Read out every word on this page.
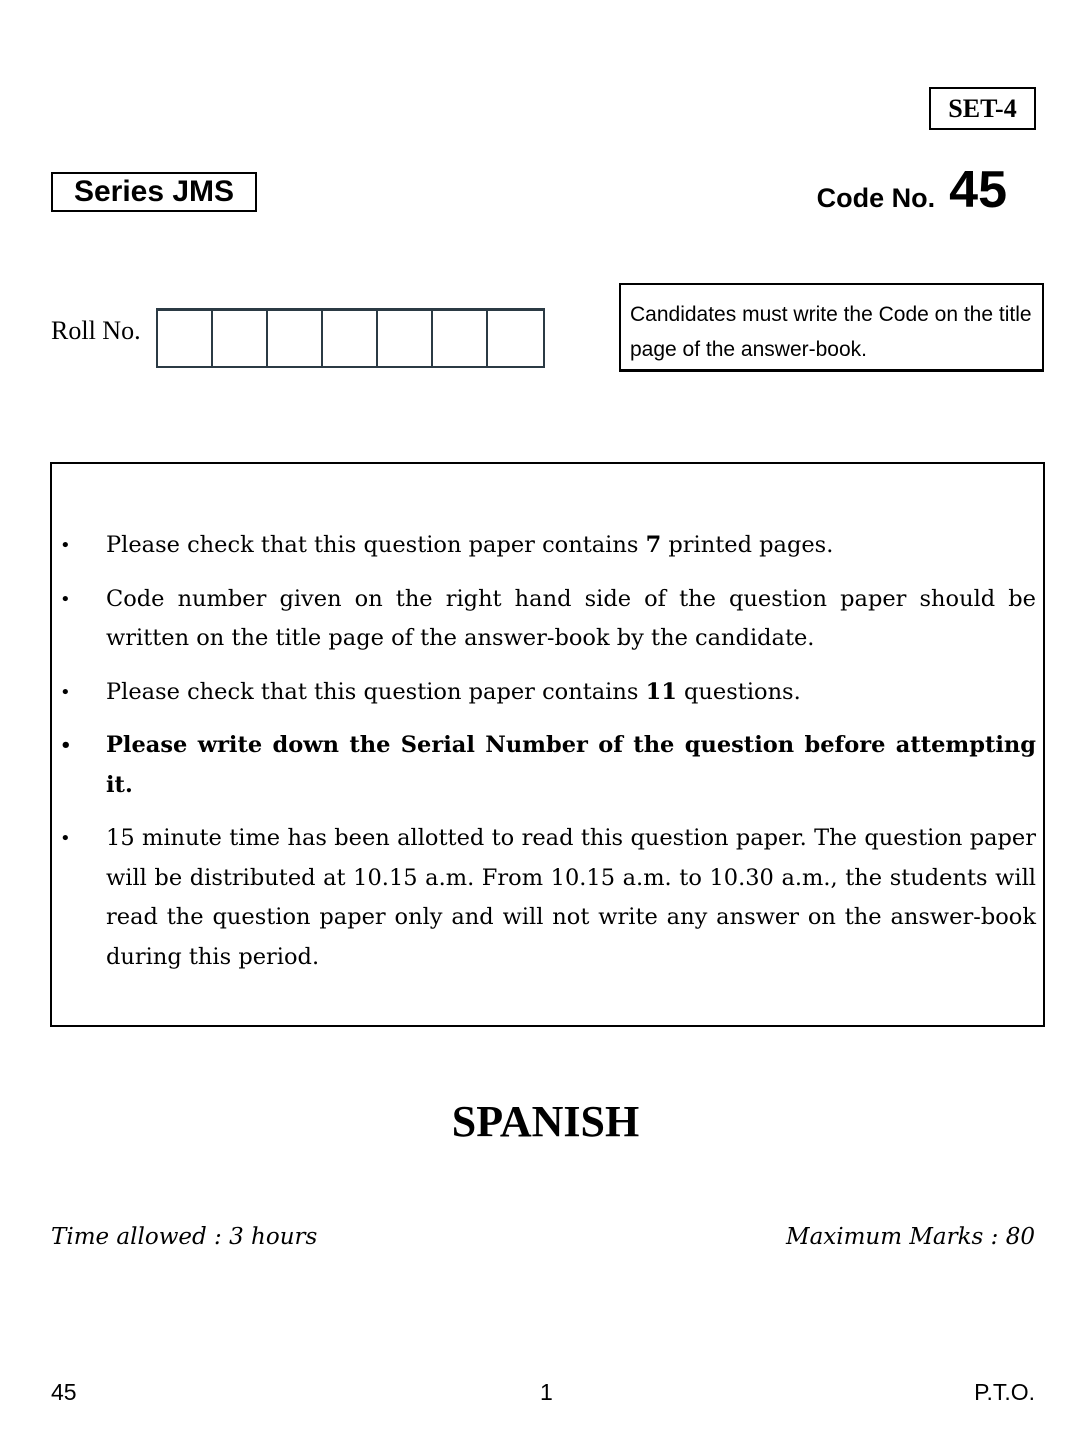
SET-4
Series JMS	Code No. 45
Roll No.
Candidates must write the Code on the title page of the answer-book.
• Please check that this question paper contains 7 printed pages.
• Code number given on the right hand side of the question paper should be written on the title page of the answer-book by the candidate.
• Please check that this question paper contains 11 questions.
• Please write down the Serial Number of the question before attempting it.
• 15 minute time has been allotted to read this question paper. The question paper will be distributed at 10.15 a.m. From 10.15 a.m. to 10.30 a.m., the students will read the question paper only and will not write any answer on the answer-book during this period.
SPANISH
Time allowed : 3 hours	Maximum Marks : 80
45	1	P.T.O.
